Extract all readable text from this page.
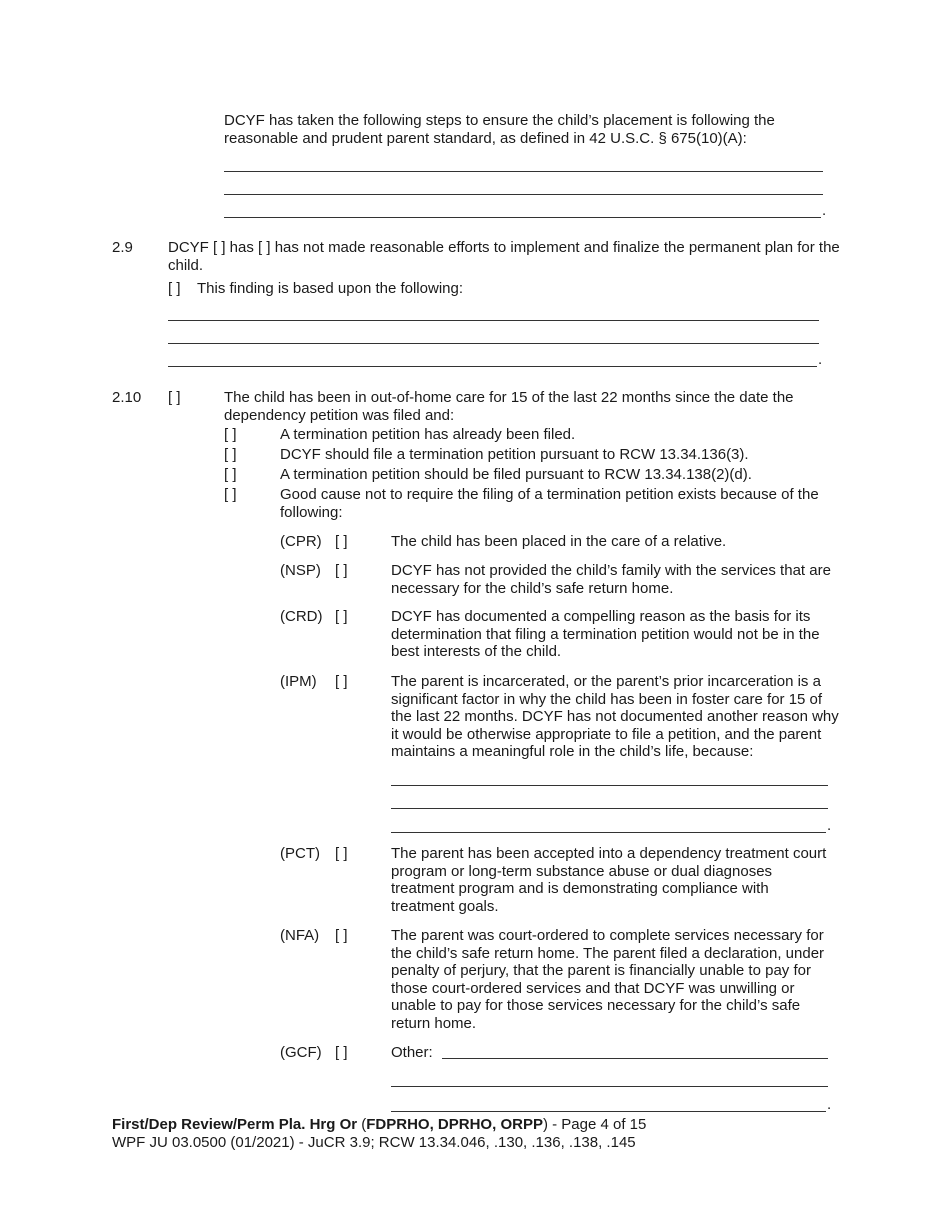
DCYF has taken the following steps to ensure the child’s placement is following the reasonable and prudent parent standard, as defined in 42 U.S.C. § 675(10)(A):

.
2.9 DCYF [ ] has [ ] has not made reasonable efforts to implement and finalize the permanent plan for the child.

[ ] This finding is based upon the following:
.
2.10 [ ]	The child has been in out-of-home care for 15 of the last 22 months since the date the dependency petition was filed and:

[ ]	A termination petition has already been filed.

[ ]	DCYF should file a termination petition pursuant to RCW 13.34.136(3).

[ ]	A termination petition should be filed pursuant to RCW 13.34.138(2)(d).

[ ]	Good cause not to require the filing of a termination petition exists because of the following:

(CPR) [ ]	The child has been placed in the care of a relative.

(NSP) [ ]	DCYF has not provided the child’s family with the services that are necessary for the child’s safe return home.

(CRD) [ ]	DCYF has documented a compelling reason as the basis for its determination that filing a termination petition would not be in the best interests of the child.

(IPM) [ ]	The parent is incarcerated, or the parent’s prior incarceration is a significant factor in why the child has been in foster care for 15 of the last 22 months. DCYF has not documented another reason why it would be otherwise appropriate to file a petition, and the parent maintains a meaningful role in the child’s life, because:

.
(PCT) [ ]	The parent has been accepted into a dependency treatment court program or long-term substance abuse or dual diagnoses treatment program and is demonstrating compliance with treatment goals.

(NFA) [ ]	The parent was court-ordered to complete services necessary for the child’s safe return home. The parent filed a declaration, under penalty of perjury, that the parent is financially unable to pay for those court-ordered services and that DCYF was unwilling or unable to pay for those services necessary for the child’s safe return home.

(GCF) [ ]	Other:
.
First/Dep Review/Perm Pla. Hrg Or (FDPRHO, DPRHO, ORPP) - Page 4 of 15
WPF JU 03.0500 (01/2021) - JuCR 3.9; RCW 13.34.046, .130, .136, .138, .145
